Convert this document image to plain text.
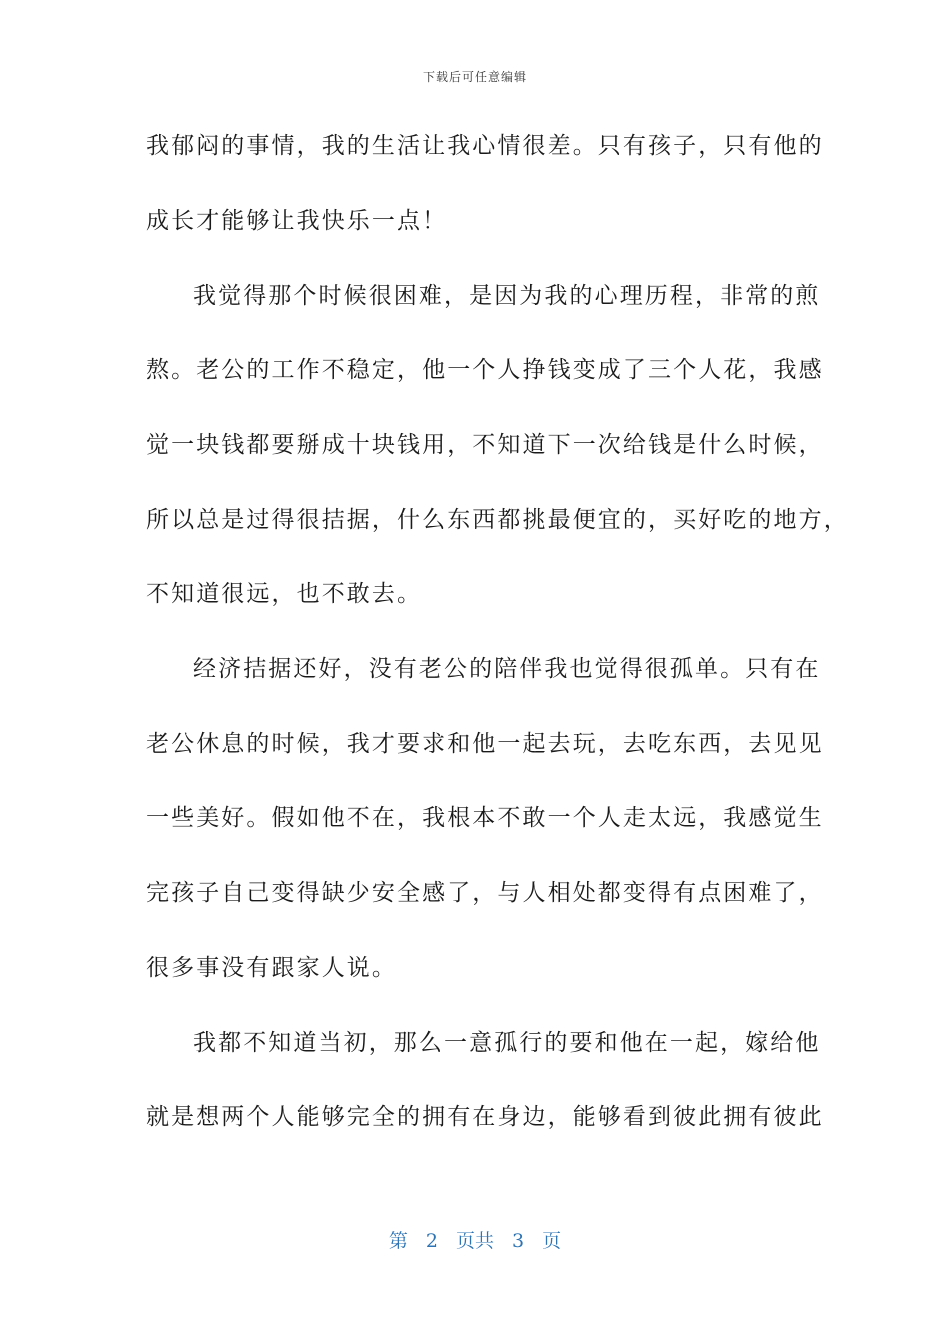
下载后可任意编辑
我郁闷的事情，我的生活让我心情很差。只有孩子，只有他的
成长才能够让我快乐一点！
我觉得那个时候很困难，是因为我的心理历程，非常的煎
熬。老公的工作不稳定，他一个人挣钱变成了三个人花，我感
觉一块钱都要掰成十块钱用，不知道下一次给钱是什么时候，
所以总是过得很拮据，什么东西都挑最便宜的，买好吃的地方，
不知道很远，也不敢去。
经济拮据还好，没有老公的陪伴我也觉得很孤单。只有在
老公休息的时候，我才要求和他一起去玩，去吃东西，去见见
一些美好。假如他不在，我根本不敢一个人走太远，我感觉生
完孩子自己变得缺少安全感了，与人相处都变得有点困难了，
很多事没有跟家人说。
我都不知道当初，那么一意孤行的要和他在一起，嫁给他
就是想两个人能够完全的拥有在身边，能够看到彼此拥有彼此
第 2 页共 3 页
